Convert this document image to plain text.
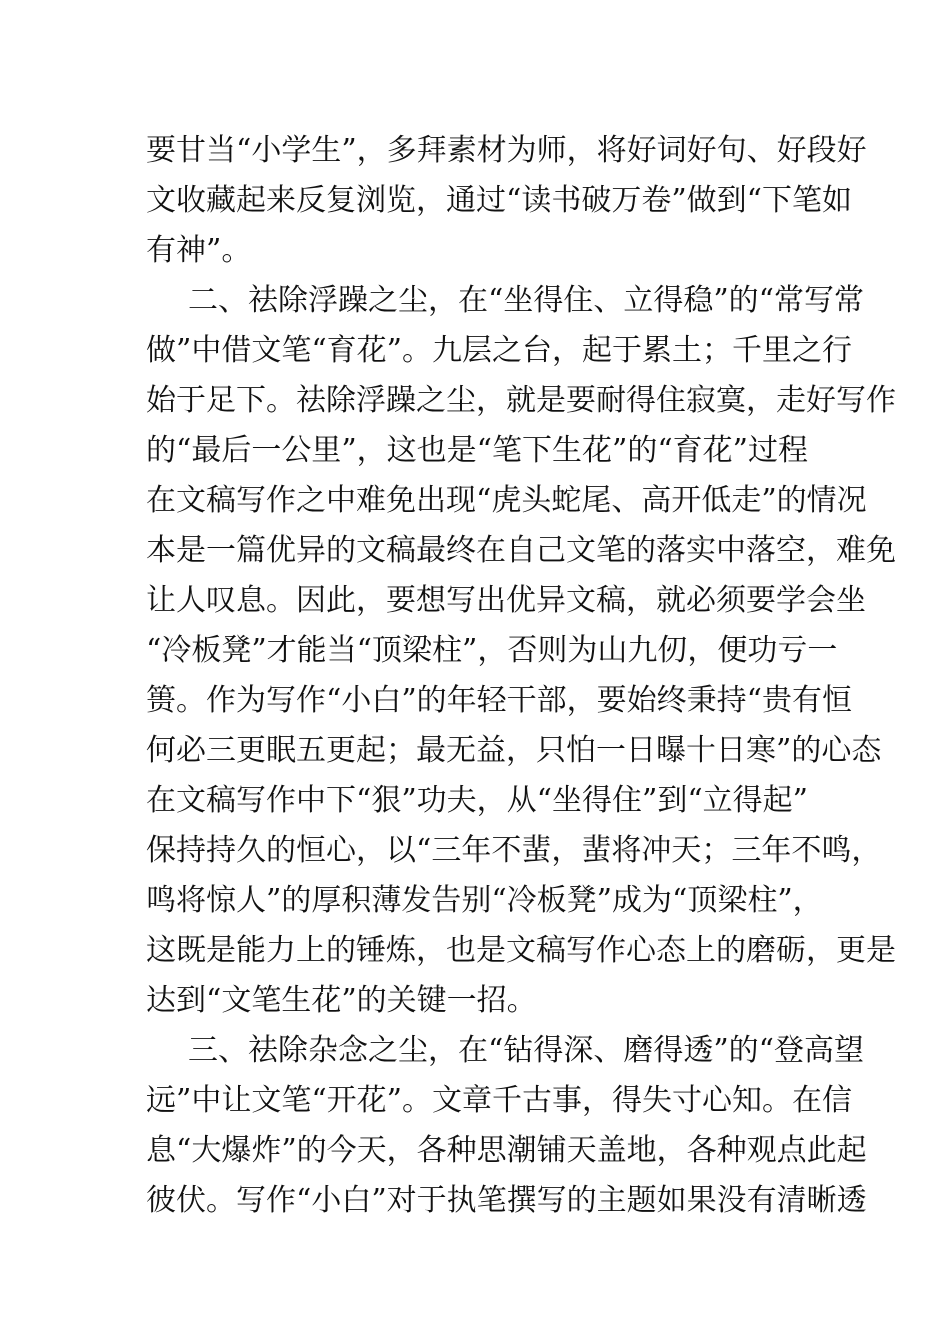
要甘当“小学生”，多拜素材为师，将好词好句、好段好
文收藏起来反复浏览，通过“读书破万卷”做到“下笔如
有神”。
二、祛除浮躁之尘，在“坐得住、立得稳”的“常写常
做”中借文笔“育花”。九层之台，起于累土；千里之行
始于足下。祛除浮躁之尘，就是要耐得住寂寞，走好写作
的“最后一公里”，这也是“笔下生花”的“育花”过程
在文稿写作之中难免出现“虎头蛇尾、高开低走”的情况
本是一篇优异的文稿最终在自己文笔的落实中落空，难免
让人叹息。因此，要想写出优异文稿，就必须要学会坐
“冷板凳”才能当“顶梁柱”，否则为山九仞，便功亏一
篑。作为写作“小白”的年轻干部，要始终秉持“贵有恒
何必三更眠五更起；最无益，只怕一日曝十日寒”的心态
在文稿写作中下“狠”功夫，从“坐得住”到“立得起”
保持持久的恒心，以“三年不蜚，蜚将冲天；三年不鸣，
鸣将惊人”的厚积薄发告别“冷板凳”成为“顶梁柱”，
这既是能力上的锤炼，也是文稿写作心态上的磨砺，更是
达到“文笔生花”的关键一招。
三、祛除杂念之尘，在“钻得深、磨得透”的“登高望
远”中让文笔“开花”。文章千古事，得失寸心知。在信
息“大爆炸”的今天，各种思潮铺天盖地，各种观点此起
彼伏。写作“小白”对于执笔撰写的主题如果没有清晰透
